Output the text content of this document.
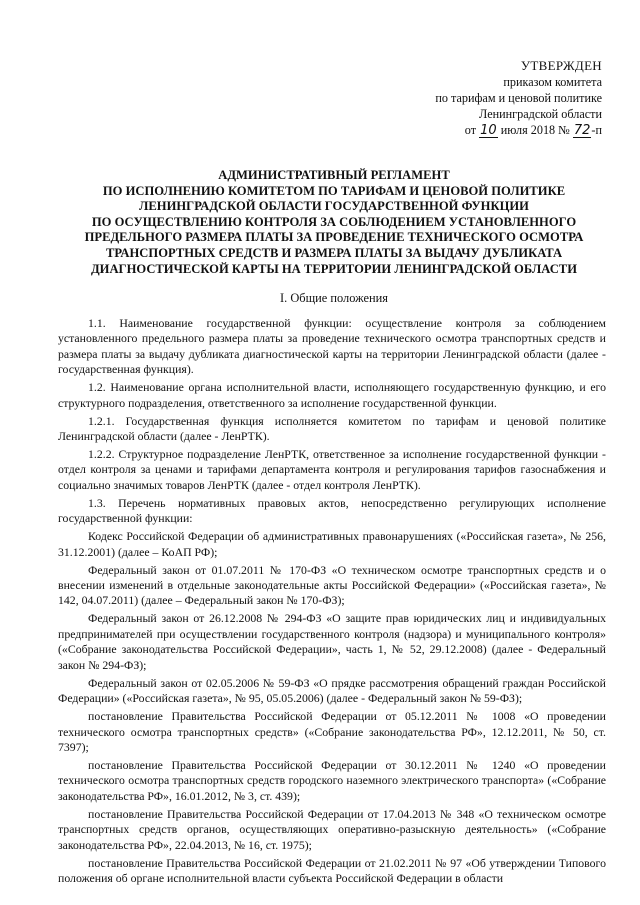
УТВЕРЖДЕН
приказом комитета
по тарифам и ценовой политике
Ленинградской области
от 10 июля 2018 № 72-п
АДМИНИСТРАТИВНЫЙ РЕГЛАМЕНТ
ПО ИСПОЛНЕНИЮ КОМИТЕТОМ ПО ТАРИФАМ И ЦЕНОВОЙ ПОЛИТИКЕ
ЛЕНИНГРАДСКОЙ ОБЛАСТИ ГОСУДАРСТВЕННОЙ ФУНКЦИИ
ПО ОСУЩЕСТВЛЕНИЮ КОНТРОЛЯ ЗА СОБЛЮДЕНИЕМ УСТАНОВЛЕННОГО
ПРЕДЕЛЬНОГО РАЗМЕРА ПЛАТЫ ЗА ПРОВЕДЕНИЕ ТЕХНИЧЕСКОГО ОСМОТРА
ТРАНСПОРТНЫХ СРЕДСТВ И РАЗМЕРА ПЛАТЫ ЗА ВЫДАЧУ ДУБЛИКАТА
ДИАГНОСТИЧЕСКОЙ КАРТЫ НА ТЕРРИТОРИИ ЛЕНИНГРАДСКОЙ ОБЛАСТИ
I. Общие положения

1.1. Наименование государственной функции: осуществление контроля за соблюдением установленного предельного размера платы за проведение технического осмотра транспортных средств и размера платы за выдачу дубликата диагностической карты на территории Ленинградской области (далее - государственная функция).

1.2. Наименование органа исполнительной власти, исполняющего государственную функцию, и его структурного подразделения, ответственного за исполнение государственной функции.

1.2.1. Государственная функция исполняется комитетом по тарифам и ценовой политике Ленинградской области (далее - ЛенРТК).

1.2.2. Структурное подразделение ЛенРТК, ответственное за исполнение государственной функции - отдел контроля за ценами и тарифами департамента контроля и регулирования тарифов газоснабжения и социально значимых товаров ЛенРТК (далее - отдел контроля ЛенРТК).

1.3. Перечень нормативных правовых актов, непосредственно регулирующих исполнение государственной функции:

Кодекс Российской Федерации об административных правонарушениях («Российская газета», № 256, 31.12.2001) (далее – КоАП РФ);

Федеральный закон от 01.07.2011 № 170-ФЗ «О техническом осмотре транспортных средств и о внесении изменений в отдельные законодательные акты Российской Федерации» («Российская газета», № 142, 04.07.2011) (далее – Федеральный закон № 170-ФЗ);

Федеральный закон от 26.12.2008 № 294-ФЗ «О защите прав юридических лиц и индивидуальных предпринимателей при осуществлении государственного контроля (надзора) и муниципального контроля» («Собрание законодательства Российской Федерации», часть 1, № 52, 29.12.2008) (далее - Федеральный закон № 294-ФЗ);

Федеральный закон от 02.05.2006 № 59-ФЗ «О прядке рассмотрения обращений граждан Российской Федерации» («Российская газета», № 95, 05.05.2006) (далее - Федеральный закон № 59-ФЗ);

постановление Правительства Российской Федерации от 05.12.2011 № 1008 «О проведении технического осмотра транспортных средств» («Собрание законодательства РФ», 12.12.2011, № 50, ст. 7397);

постановление Правительства Российской Федерации от 30.12.2011 № 1240 «О проведении технического осмотра транспортных средств городского наземного электрического транспорта» («Собрание законодательства РФ», 16.01.2012, № 3, ст. 439);

постановление Правительства Российской Федерации от 17.04.2013 № 348 «О техническом осмотре транспортных средств органов, осуществляющих оперативно-разыскную деятельность» («Собрание законодательства РФ», 22.04.2013, № 16, ст. 1975);

постановление Правительства Российской Федерации от 21.02.2011 № 97 «Об утверждении Типового положения об органе исполнительной власти субъекта Российской Федерации в области
